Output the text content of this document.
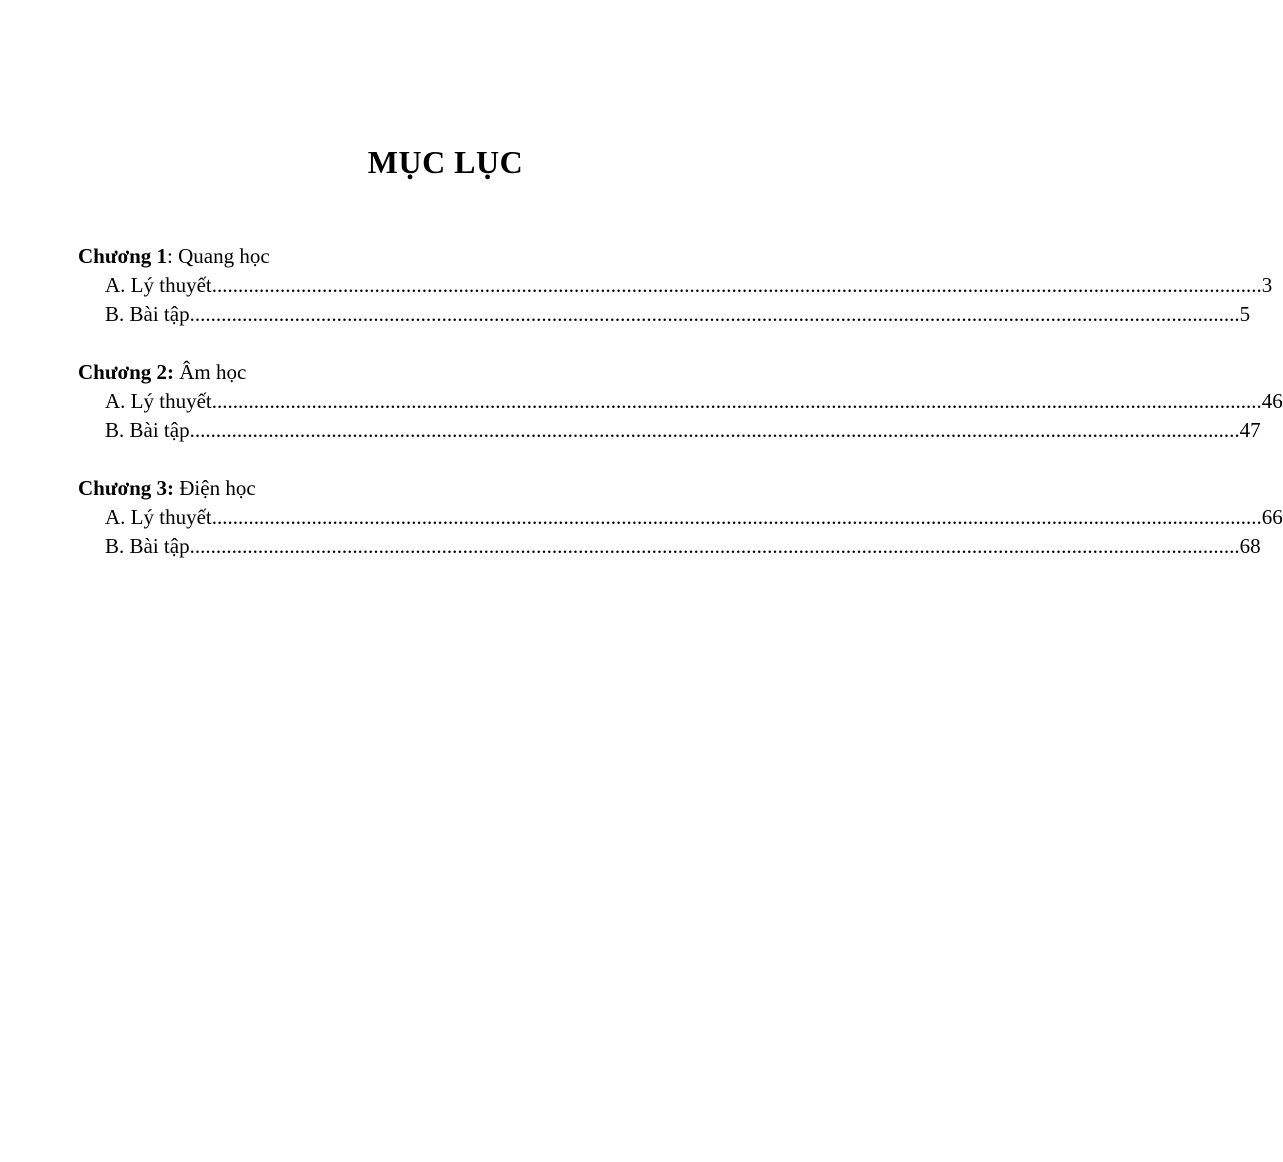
MỤC LỤC
Chương 1: Quang học
A. Lý thuyết ........................................................................................................................................................................................................ 3
B. Bài tập ........................................................................................................................................................................................................ 5
Chương 2: Âm học
A. Lý thuyết ........................................................................................................................................................................................................ 46
B. Bài tập ........................................................................................................................................................................................................ 47
Chương 3: Điện học
A. Lý thuyết ........................................................................................................................................................................................................ 66
B. Bài tập ........................................................................................................................................................................................................ 68
